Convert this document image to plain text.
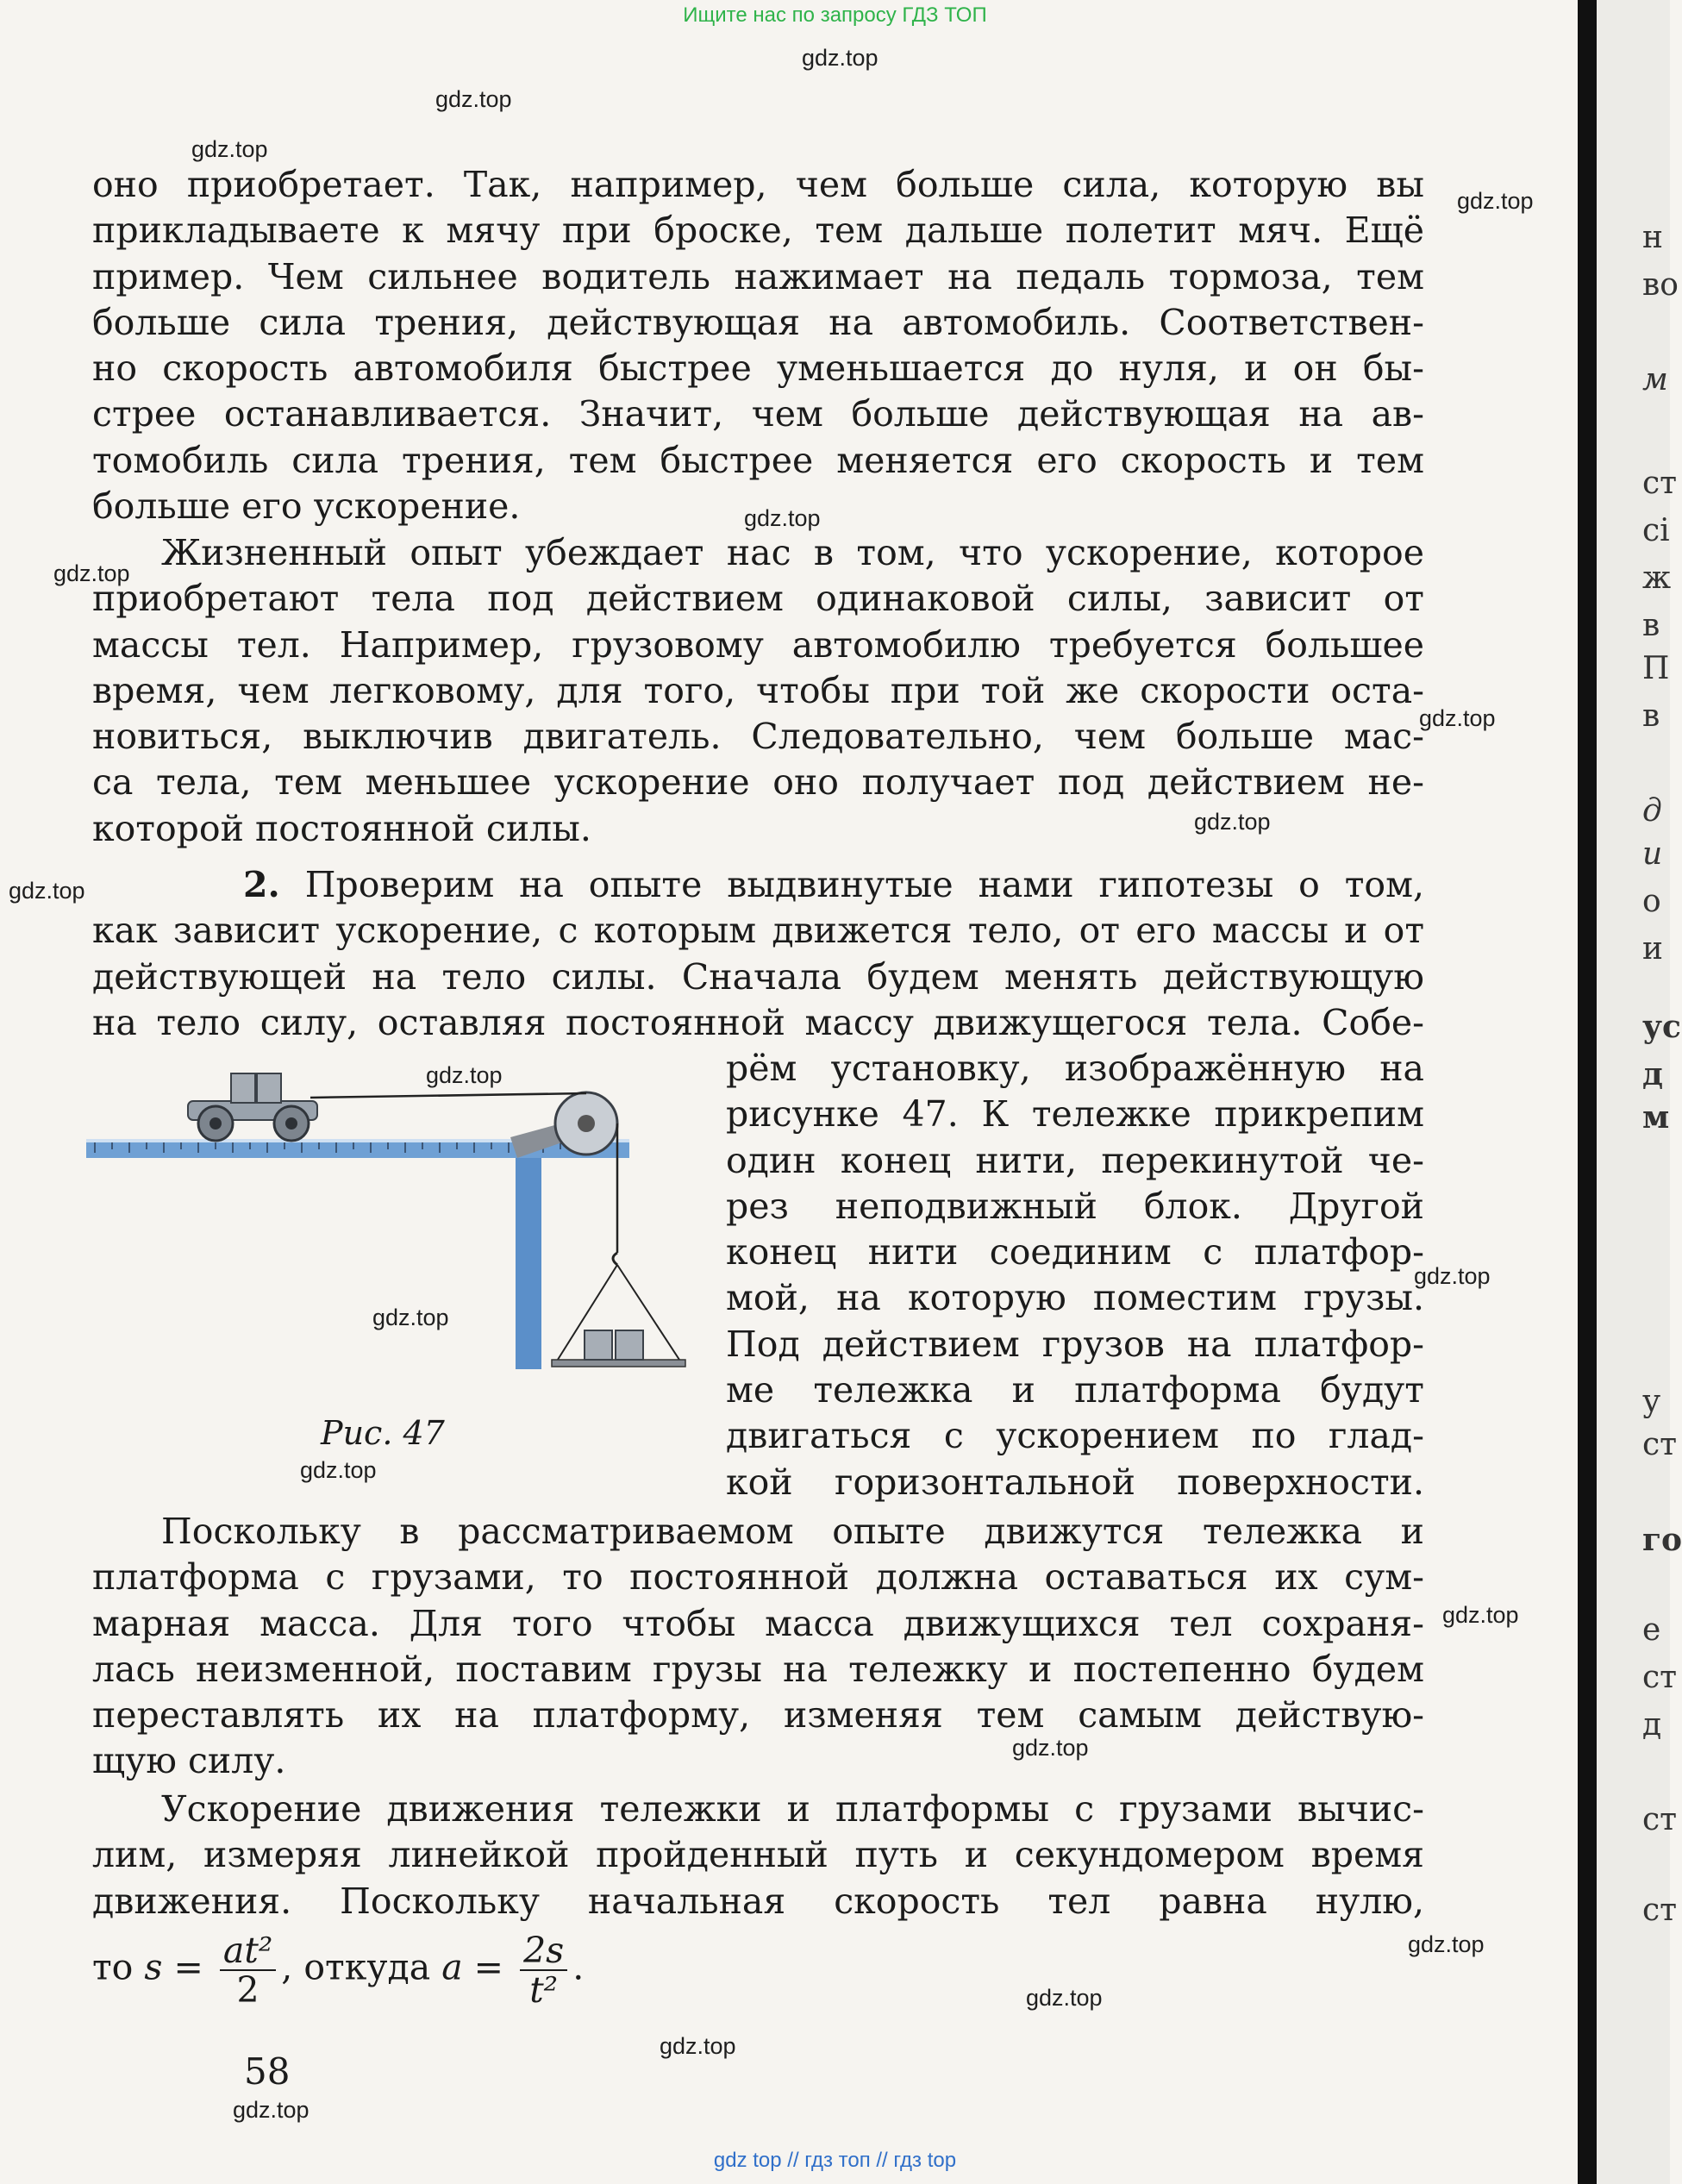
Ищите нас по запросу ГДЗ ТОП
н
во
м
ст
сі
ж
в
П
в
д
и
о
и
ус
д
м
у
ст
го
е
ст
д
ст
ст
оно приобретает. Так, например, чем больше сила, которую вы
прикладываете к мячу при броске, тем дальше полетит мяч. Ещё
пример. Чем сильнее водитель нажимает на педаль тормоза, тем
больше сила трения, действующая на автомобиль. Соответствен-
но скорость автомобиля быстрее уменьшается до нуля, и он бы-
стрее останавливается. Значит, чем больше действующая на ав-
томобиль сила трения, тем быстрее меняется его скорость и тем
больше его ускорение.
Жизненный опыт убеждает нас в том, что ускорение, которое
приобретают тела под действием одинаковой силы, зависит от
массы тел. Например, грузовому автомобилю требуется большее
время, чем легковому, для того, чтобы при той же скорости оста-
новиться, выключив двигатель. Следовательно, чем больше мас-
са тела, тем меньшее ускорение оно получает под действием не-
которой постоянной силы.
2. Проверим на опыте выдвинутые нами гипотезы о том,
как зависит ускорение, с которым движется тело, от его массы и от
действующей на тело силы. Сначала будем менять действующую
на тело силу, оставляя постоянной массу движущегося тела. Собе-
рём установку, изображённую на
рисунке 47. К тележке прикрепим
один конец нити, перекинутой че-
рез неподвижный блок. Другой
конец нити соединим с платфор-
мой, на которую поместим грузы.
Под действием грузов на платфор-
ме тележка и платформа будут
двигаться с ускорением по глад-
кой горизонтальной поверхности.
Рис. 47
Поскольку в рассматриваемом опыте движутся тележка и
платформа с грузами, то постоянной должна оставаться их сум-
марная масса. Для того чтобы масса движущихся тел сохраня-
лась неизменной, поставим грузы на тележку и постепенно будем
переставлять их на платформу, изменяя тем самым действую-
щую силу.
Ускорение движения тележки и платформы с грузами вычис-
лим, измеряя линейкой пройденный путь и секундомером время
движения. Поскольку начальная скорость тел равна нулю,
то $s = \frac{\text{at²}}{2}$ , откуда $a = \frac{2s}{\text{t²}}$ .
58
gdz.top
gdz.top
gdz.top
gdz.top
gdz.top
gdz.top
gdz.top
gdz.top
gdz.top
gdz.top
gdz.top
gdz.top
gdz.top
gdz.top
gdz.top
gdz.top
gdz.top
gdz.top
gdz.top
gdz top // гдз топ // гдз top
